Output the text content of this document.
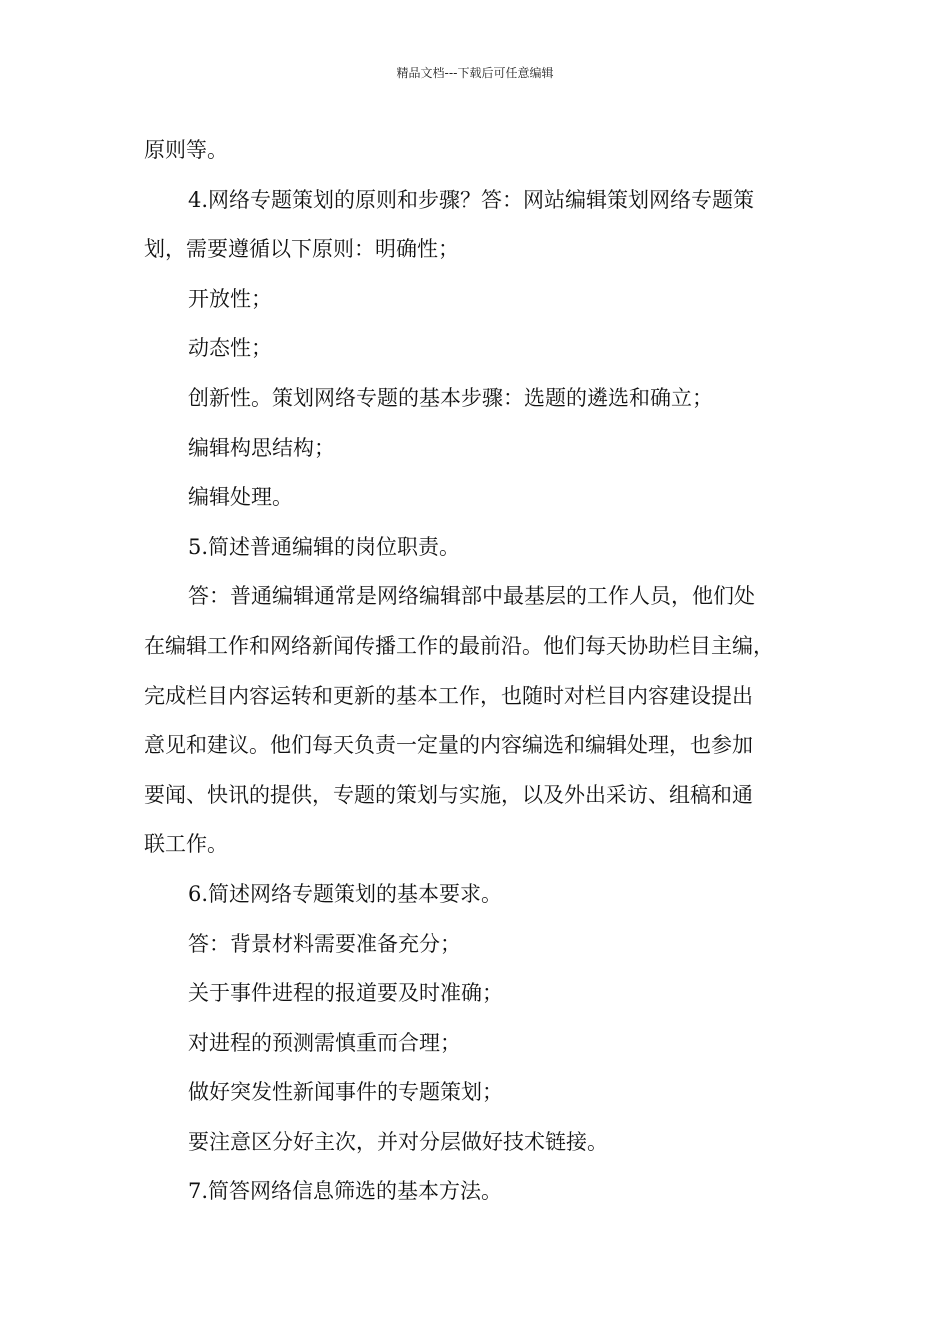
精品文档---下载后可任意编辑
原则等。
4.网络专题策划的原则和步骤？答：网站编辑策划网络专题策
划，需要遵循以下原则：明确性；
开放性；
动态性；
创新性。策划网络专题的基本步骤：选题的遴选和确立；
编辑构思结构；
编辑处理。
5.简述普通编辑的岗位职责。
答：普通编辑通常是网络编辑部中最基层的工作人员，他们处
在编辑工作和网络新闻传播工作的最前沿。他们每天协助栏目主编，
完成栏目内容运转和更新的基本工作，也随时对栏目内容建设提出
意见和建议。他们每天负责一定量的内容编选和编辑处理，也参加
要闻、快讯的提供，专题的策划与实施，以及外出采访、组稿和通
联工作。
6.简述网络专题策划的基本要求。
答：背景材料需要准备充分；
关于事件进程的报道要及时准确；
对进程的预测需慎重而合理；
做好突发性新闻事件的专题策划；
要注意区分好主次，并对分层做好技术链接。
7.简答网络信息筛选的基本方法。
